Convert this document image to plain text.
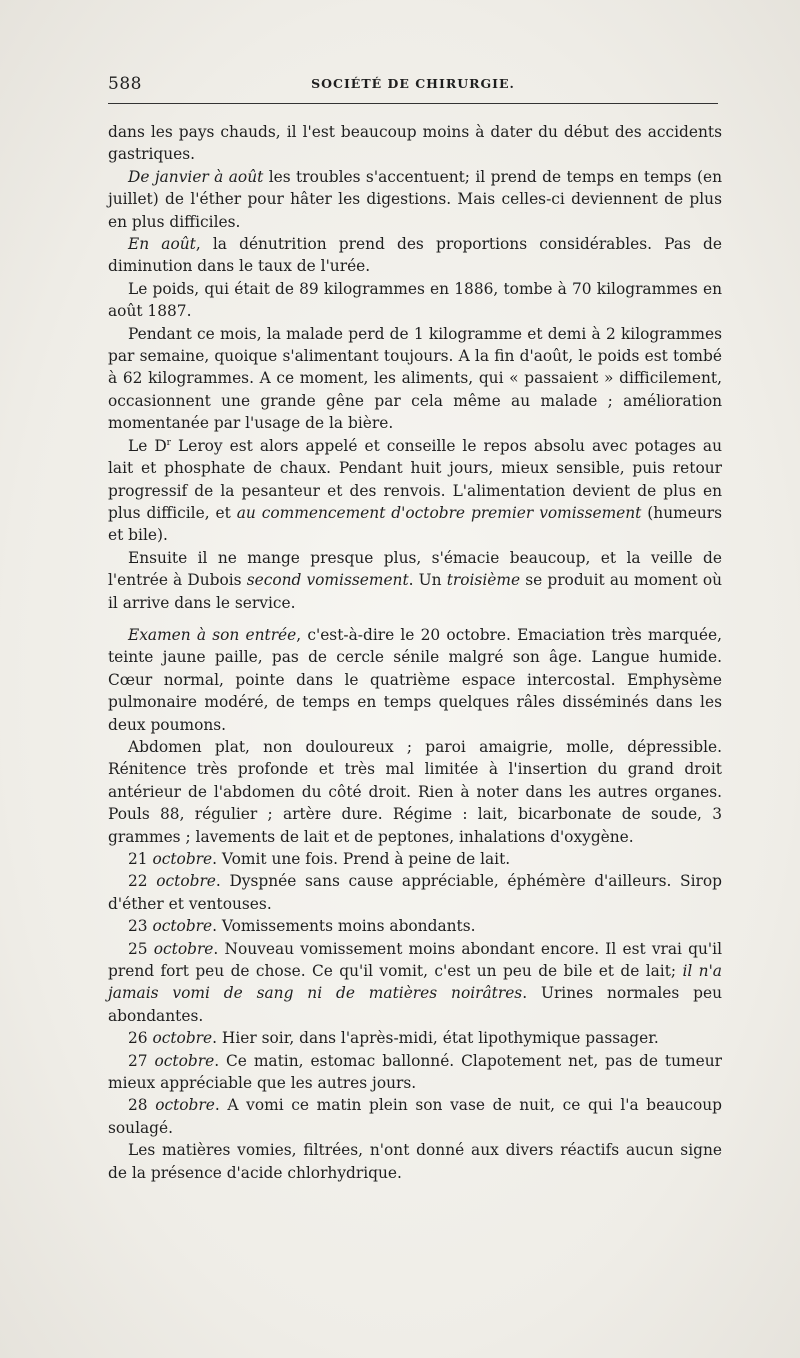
588	SOCIÉTÉ DE CHIRURGIE.

dans les pays chauds, il l'est beaucoup moins à dater du début des accidents gastriques.

De janvier à août les troubles s'accentuent; il prend de temps en temps (en juillet) de l'éther pour hâter les digestions. Mais celles-ci deviennent de plus en plus difficiles.

En août, la dénutrition prend des proportions considérables. Pas de diminution dans le taux de l'urée.

Le poids, qui était de 89 kilogrammes en 1886, tombe à 70 kilogrammes en août 1887.

Pendant ce mois, la malade perd de 1 kilogramme et demi à 2 kilogrammes par semaine, quoique s'alimentant toujours. A la fin d'août, le poids est tombé à 62 kilogrammes. A ce moment, les aliments, qui « passaient » difficilement, occasionnent une grande gêne par cela même au malade ; amélioration momentanée par l'usage de la bière.

Le $D^r$ Leroy est alors appelé et conseille le repos absolu avec potages au lait et phosphate de chaux. Pendant huit jours, mieux sensible, puis retour progressif de la pesanteur et des renvois. L'alimentation devient de plus en plus difficile, et au commencement d'octobre premier vomissement (humeurs et bile).

Ensuite il ne mange presque plus, s'émacie beaucoup, et la veille de l'entrée à Dubois second vomissement. Un troisième se produit au moment où il arrive dans le service.

Examen à son entrée, c'est-à-dire le 20 octobre. Emaciation très marquée, teinte jaune paille, pas de cercle sénile malgré son âge. Langue humide. Cœur normal, pointe dans le quatrième espace intercostal. Emphysème pulmonaire modéré, de temps en temps quelques râles disséminés dans les deux poumons.

Abdomen plat, non douloureux ; paroi amaigrie, molle, dépressible. Rénitence très profonde et très mal limitée à l'insertion du grand droit antérieur de l'abdomen du côté droit. Rien à noter dans les autres organes. Pouls 88, régulier ; artère dure. Régime : lait, bicarbonate de soude, 3 grammes ; lavements de lait et de peptones, inhalations d'oxygène.

21 octobre. Vomit une fois. Prend à peine de lait.

22 octobre. Dyspnée sans cause appréciable, éphémère d'ailleurs. Sirop d'éther et ventouses.

23 octobre. Vomissements moins abondants.

25 octobre. Nouveau vomissement moins abondant encore. Il est vrai qu'il prend fort peu de chose. Ce qu'il vomit, c'est un peu de bile et de lait; il n'a jamais vomi de sang ni de matières noirâtres. Urines normales peu abondantes.

26 octobre. Hier soir, dans l'après-midi, état lipothymique passager.

27 octobre. Ce matin, estomac ballonné. Clapotement net, pas de tumeur mieux appréciable que les autres jours.

28 octobre. A vomi ce matin plein son vase de nuit, ce qui l'a beaucoup soulagé.

Les matières vomies, filtrées, n'ont donné aux divers réactifs aucun signe de la présence d'acide chlorhydrique.
